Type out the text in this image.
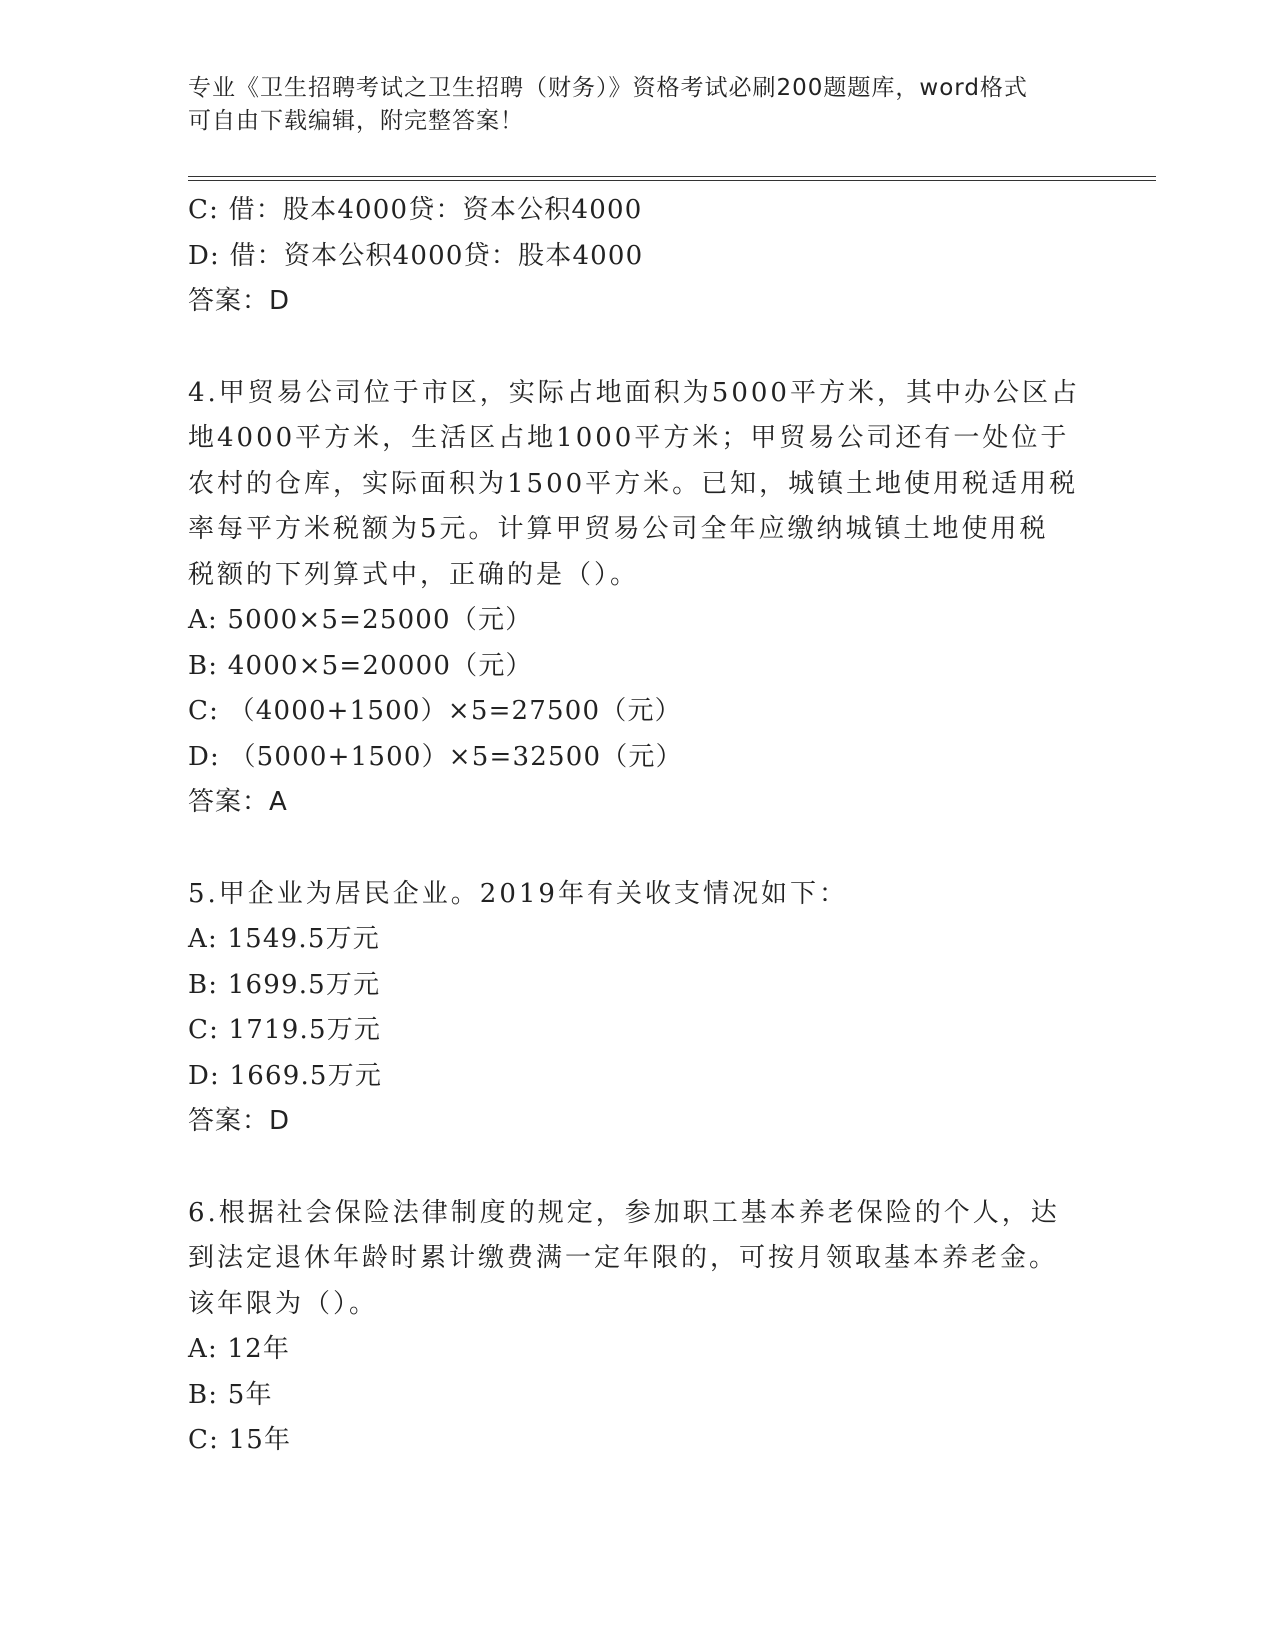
专业《卫生招聘考试之卫生招聘（财务）》资格考试必刷200题题库，word格式
可自由下载编辑，附完整答案！
C: 借：股本4000贷：资本公积4000
D: 借：资本公积4000贷：股本4000
答案：D
4.甲贸易公司位于市区，实际占地面积为5000平方米，其中办公区占
地4000平方米，生活区占地1000平方米；甲贸易公司还有一处位于
农村的仓库，实际面积为1500平方米。已知，城镇土地使用税适用税
率每平方米税额为5元。计算甲贸易公司全年应缴纳城镇土地使用税
税额的下列算式中，正确的是（）。
A: 5000×5=25000（元）
B: 4000×5=20000（元）
C: （4000+1500）×5=27500（元）
D: （5000+1500）×5=32500（元）
答案：A
5.甲企业为居民企业。2019年有关收支情况如下：
A: 1549.5万元
B: 1699.5万元
C: 1719.5万元
D: 1669.5万元
答案：D
6.根据社会保险法律制度的规定，参加职工基本养老保险的个人，达
到法定退休年龄时累计缴费满一定年限的，可按月领取基本养老金。
该年限为（）。
A: 12年
B: 5年
C: 15年
